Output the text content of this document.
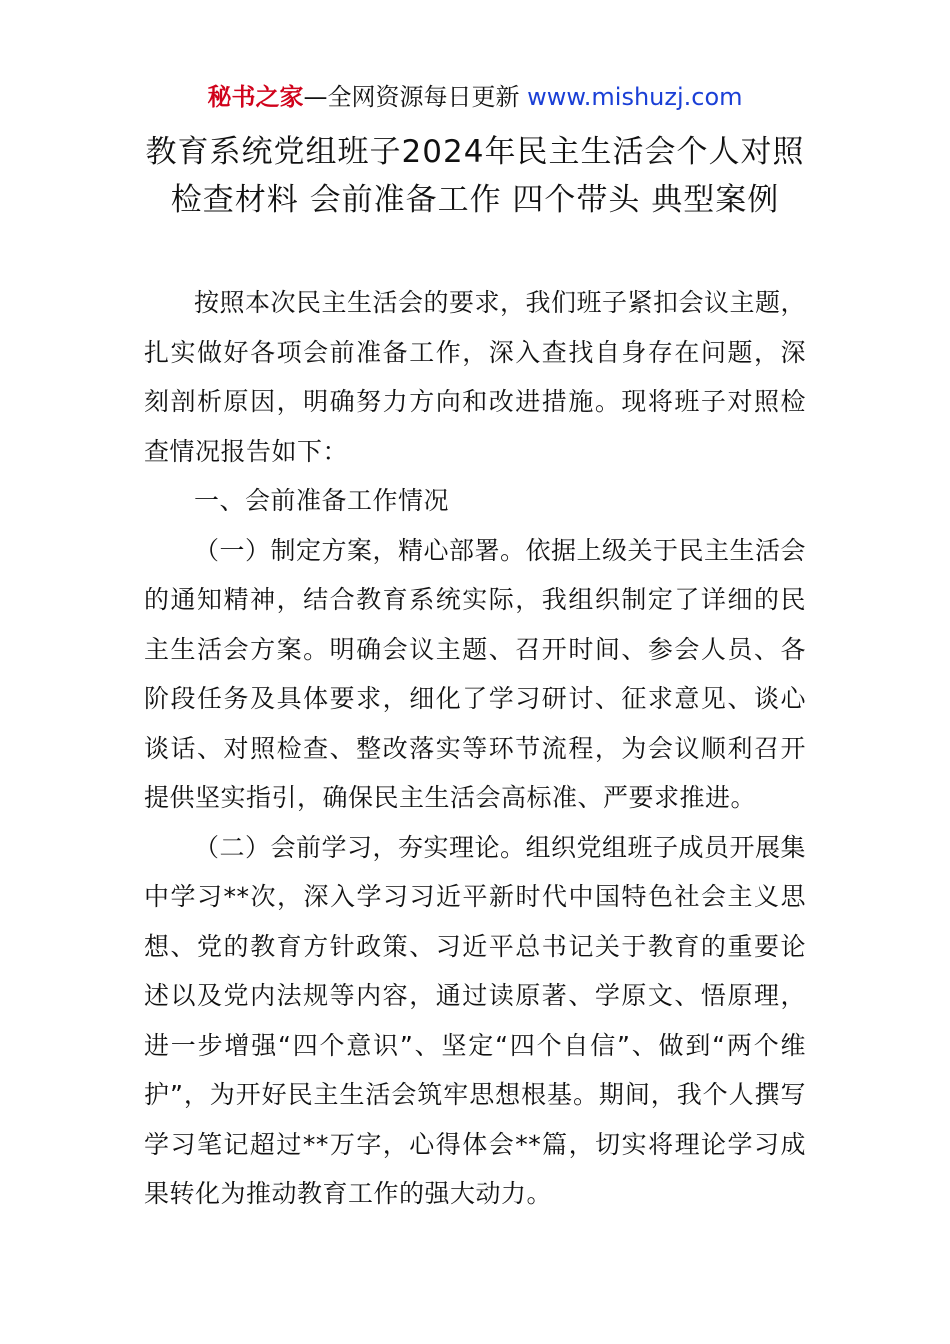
秘书之家—全网资源每日更新 www.mishuzj.com
教育系统党组班子2024年民主生活会个人对照
检查材料 会前准备工作 四个带头 典型案例

按照本次民主生活会的要求，我们班子紧扣会议主题，扎实做好各项会前准备工作，深入查找自身存在问题，深刻剖析原因，明确努力方向和改进措施。现将班子对照检查情况报告如下：

一、会前准备工作情况

（一）制定方案，精心部署。依据上级关于民主生活会的通知精神，结合教育系统实际，我组织制定了详细的民主生活会方案。明确会议主题、召开时间、参会人员、各阶段任务及具体要求，细化了学习研讨、征求意见、谈心谈话、对照检查、整改落实等环节流程，为会议顺利召开提供坚实指引，确保民主生活会高标准、严要求推进。

（二）会前学习，夯实理论。组织党组班子成员开展集中学习**次，深入学习习近平新时代中国特色社会主义思想、党的教育方针政策、习近平总书记关于教育的重要论述以及党内法规等内容，通过读原著、学原文、悟原理，进一步增强“四个意识”、坚定“四个自信”、做到“两个维护”，为开好民主生活会筑牢思想根基。期间，我个人撰写学习笔记超过**万字，心得体会**篇，切实将理论学习成果转化为推动教育工作的强大动力。
